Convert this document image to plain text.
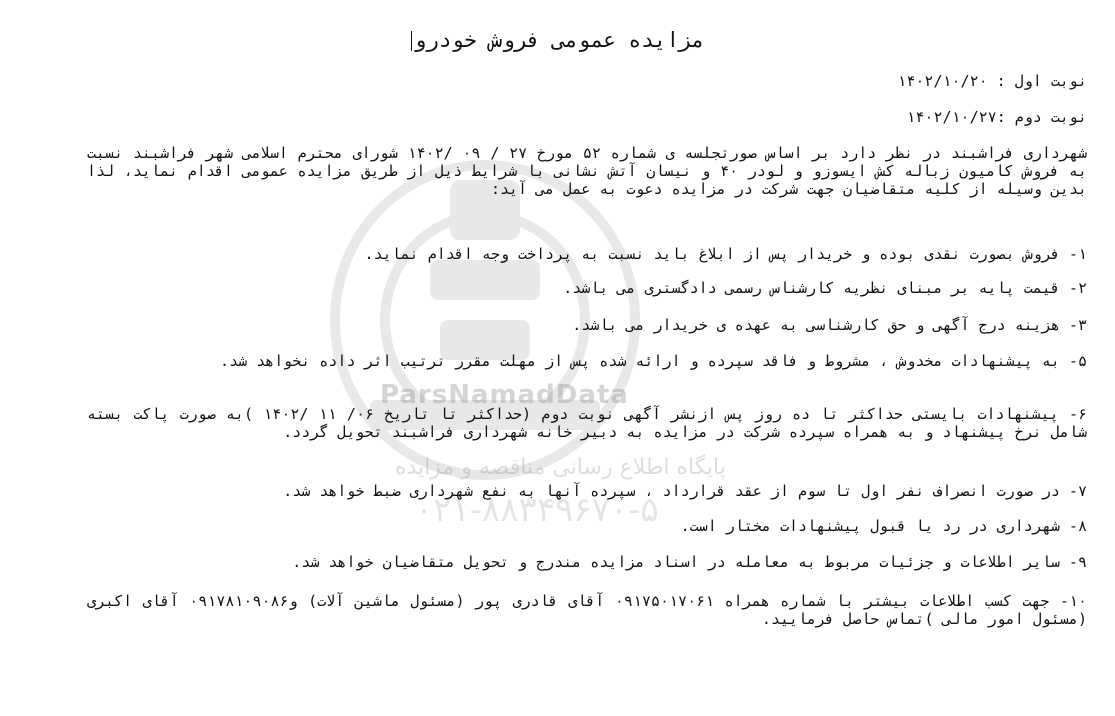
ParsNamadData
پایگاه اطلاع رسانی مناقصه و مزایده
۰۲۱-۸۸۳۴۹۶۷۰-۵
مزایده عمومی فروش خودرو
نوبت اول : ۱۴۰۲/۱۰/۲۰
نوبت دوم :۱۴۰۲/۱۰/۲۷
شهرداری فراشبند در نظر دارد بر اساس صورتجلسه ی شماره ۵۲ مورخ ۲۷ / ۰۹ /۱۴۰۲ شورای محترم اسلامی شهر فراشبند نسبت به فروش کامیون زباله کش ایسوزو و لودر ۴۰ و نیسان آتش نشانی با شرایط ذیل از طریق مزایده عمومی اقدام نماید، لذا بدین وسیله از کلیه متقاضیان جهت شرکت در مزایده دعوت به عمل می آید:
۱- فروش بصورت نقدی بوده و خریدار پس از ابلاغ باید نسبت به پرداخت وجه اقدام نماید.
۲- قیمت پایه بر مبنای نظریه کارشناس رسمی دادگستری می باشد.
۳- هزینه درج آگهی و حق کارشناسی به عهده ی خریدار می باشد.
۵- به پیشنهادات مخدوش ، مشروط و فاقد سپرده و ارائه شده پس از مهلت مقرر ترتیب اثر داده نخواهد شد.
۶- پیشنهادات بایستی حداکثر تا ده روز پس ازنشر آگهی نوبت دوم (حداکثر تا تاریخ ۰۶/ ۱۱ /۱۴۰۲ )به صورت پاکت بسته شامل نرخ پیشنهاد و به همراه سپرده شرکت در مزایده به دبیر خانه شهرداری فراشبند تحویل گردد.
۷- در صورت انصراف نفر اول تا سوم از عقد قرارداد ، سپرده آنها به نفع شهرداری ضبط خواهد شد.
۸- شهرداری در رد یا قبول پیشنهادات مختار است.
۹- سایر اطلاعات و جزئیات مربوط به معامله در اسناد مزایده مندرج و تحویل متقاضیان خواهد شد.
۱۰- جهت کسب اطلاعات بیشتر با شماره همراه ۰۹۱۷۵۰۱۷۰۶۱ آقای قادری پور (مسئول ماشین آلات) و۰۹۱۷۸۱۰۹۰۸۶ آقای اکبری (مسئول امور مالی )تماس حاصل فرمایید.
